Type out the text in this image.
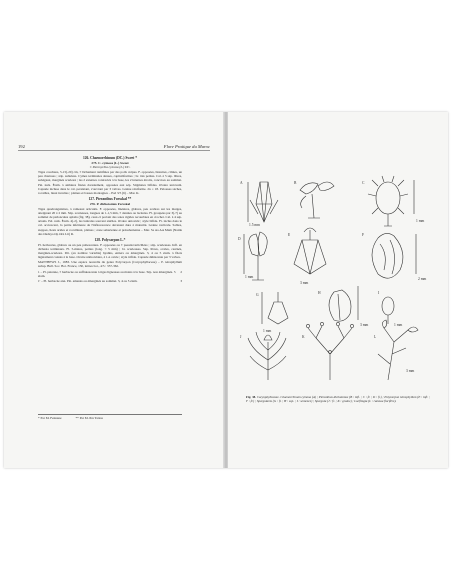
192	Flore Pratique du Maroc
126. Chaenorrhinum (DC.) Sweet *
275. C. cymosa (L.) Sweet
≡ Paronychia cymosa (L.) DC.
Tiges couchées, 5-15(-20) cm, ± lâchement ramifiées par des poils crépus. F. opposées, linéaires, ciliées, un peu charnues ; stip. subulées. Cymes terminales denses, capituliformes ; br. très petites. Cal. à 5 sép. libres, subégaux, marginés scarieux ; les 2 externes contractés à la base, les 2 internes étroits, concaves au sommet. Pét. nuls. Étam. à anthères fixées dorsalement, opposées aux sép. Stigmates bifides. Ovaire uniovulé. Capsule incluse dans le cal. persistant, s'ouvrant par 3 valves. Graine réniforme. 2n = 18. Pelouses sèches, rocailles, lieux incultes ; plaines et basses montagnes – Esd 3/5 (6) – Mar. K.
127. Pteranthus Forsskal **
276. P. dichotomus Forsskal
Tiges quadrangulaires, à rameaux articulés. F. opposées, linéaires, glabres, peu scabres sur les marges, atteignant 20 x 2 mm. Stip. scarieuses, longues de 1-1,5 mm, ± dentées ou lacérées. Fl. groupées par 3(-7) au sommet de pédoncules aplatis (fig. 38), ceux-ci portant des soies rigides recourbées en crochet. Cal. à 4 sép. aristés. Pét. nuls. Étam. 4(-2), les latérales souvent stériles. Ovaire uniovulé ; style bifide. Fr. inclus dans le cal. accrescent, la partie inférieure de l'inflorescence devenant dure à maturité. Graine verticale. Sables, steppes, lieux arides et rocailleux, plaines ; zone saharienne et présaharienne – Mar. Ss Aa AA Mam (Naidu des Oudaya Op Orn Lit) R.
128. Polycarpon L.*
Pl. herbacées, glabres ou un peu pubescentes. F. opposées ou ± pseudoverticillées ; stip. scarieuses. Infl. en dichasia terminaux. Fl. 5-mères, petites (long. < 5 mm) ; br. scarieuses. Sép. libres, ovales, carénés, marginés-scarieux. Pét. (en nombre variable) hyalins, entiers ou émarginés. 3, 4 ou 5 étam. à filets légèrement connés à la base. Ovaire uniloculaire, à 1-n ovule ; style trifide. Capsule déhiscente par 3 valves.
MATTHEWS J., 1983. Une espèce nouvelle du genre Polycarpon (Caryophyllaceae) – P. tetraphyllum subsp. Bull. Soc. Bot. France, 130, lettres bot., 4/5 : 357-362.
1 – Pl. pérenne, ± herbacée ou suffrutescente à tiges ligneuses au moins à la base. Tép. non émarginés. 5 étam.
2
1' – Pl. herbacée ann. Pét. amenés ou émarginés au sommet. 3, 4 ou 5 étam.	3
* Par M. Fennane	** Par M. Ibn Tattou
A	B	C
D
E	F
G	H	I
J	K	L
1.5 mm
1 mm
1 mm
3 mm
2 mm
1 mm
3 mm	1 mm
3 mm
Fig. 38. Caryophyllaceae. Chaenorrhinum cymosa (A) ; Pteranthus dichotomus (B : infl. ; C : fl. ; D : fr.) ; Polycarpon tetraphyllum (E : infl. ; F : fl.) ; Spergularia (G : fr. ; H : sep. ; I : semence) ; Spergula (J : fr. ; K : graine) ; Loeflingia (L : rameau florifère).
